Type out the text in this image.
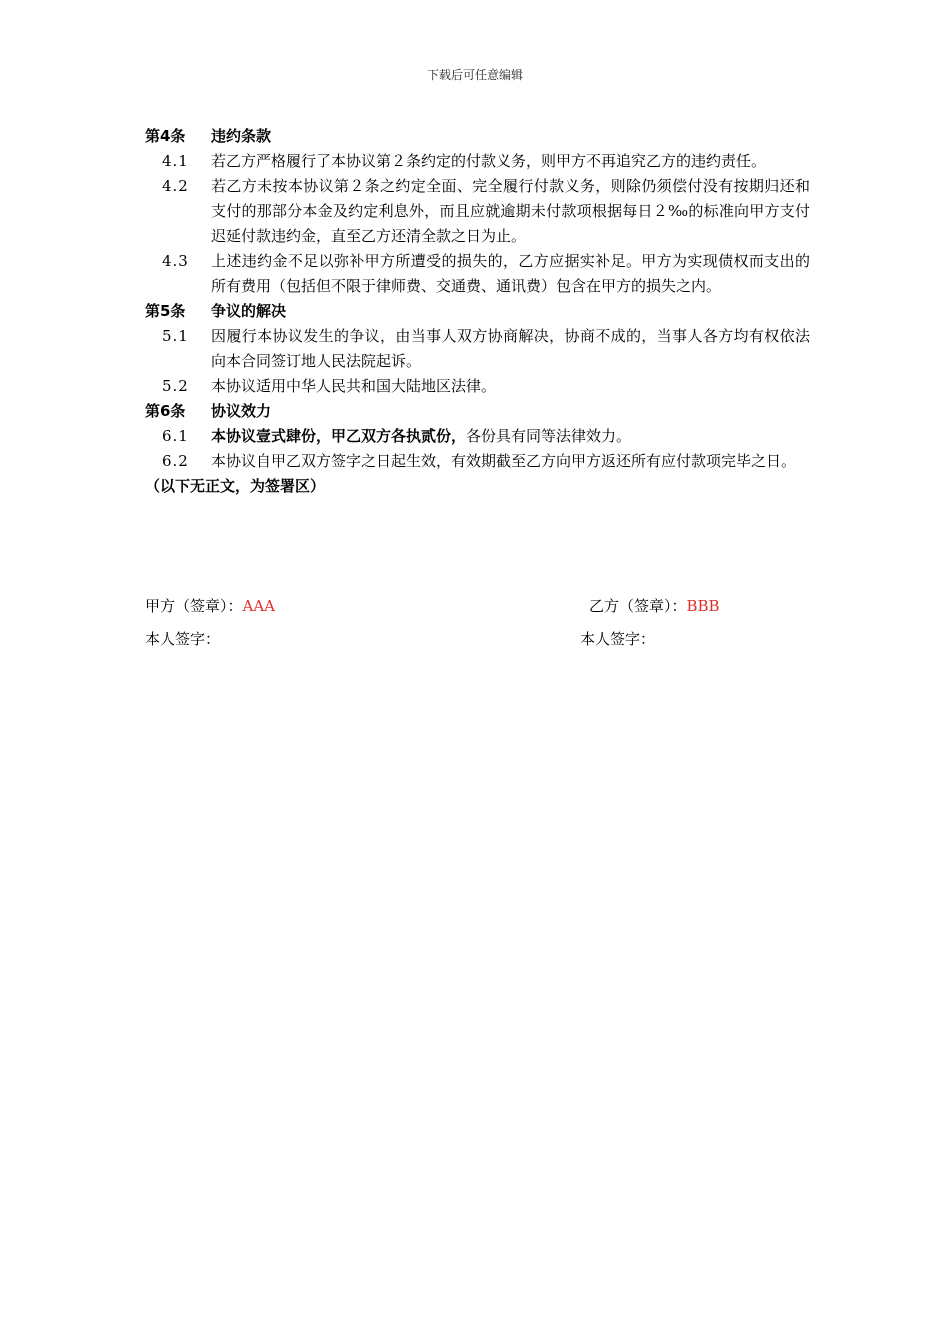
下载后可任意编辑
第4条	违约条款
4.1	若乙方严格履行了本协议第２条约定的付款义务，则甲方不再追究乙方的违约责任。
4.2	若乙方未按本协议第２条之约定全面、完全履行付款义务，则除仍须偿付没有按期归还和支付的那部分本金及约定利息外，而且应就逾期未付款项根据每日２‰的标准向甲方支付迟延付款违约金，直至乙方还清全款之日为止。
4.3	上述违约金不足以弥补甲方所遭受的损失的，乙方应据实补足。甲方为实现债权而支出的所有费用（包括但不限于律师费、交通费、通讯费）包含在甲方的损失之内。
第5条	争议的解决
5.1	因履行本协议发生的争议，由当事人双方协商解决，协商不成的，当事人各方均有权依法向本合同签订地人民法院起诉。
5.2	本协议适用中华人民共和国大陆地区法律。
第6条	协议效力
6.1	本协议壹式肆份，甲乙双方各执贰份，各份具有同等法律效力。
6.2	本协议自甲乙双方签字之日起生效，有效期截至乙方向甲方返还所有应付款项完毕之日。
（以下无正文，为签署区）
甲方（签章）：AAA	乙方（签章）：BBB
本人签字：	本人签字：
